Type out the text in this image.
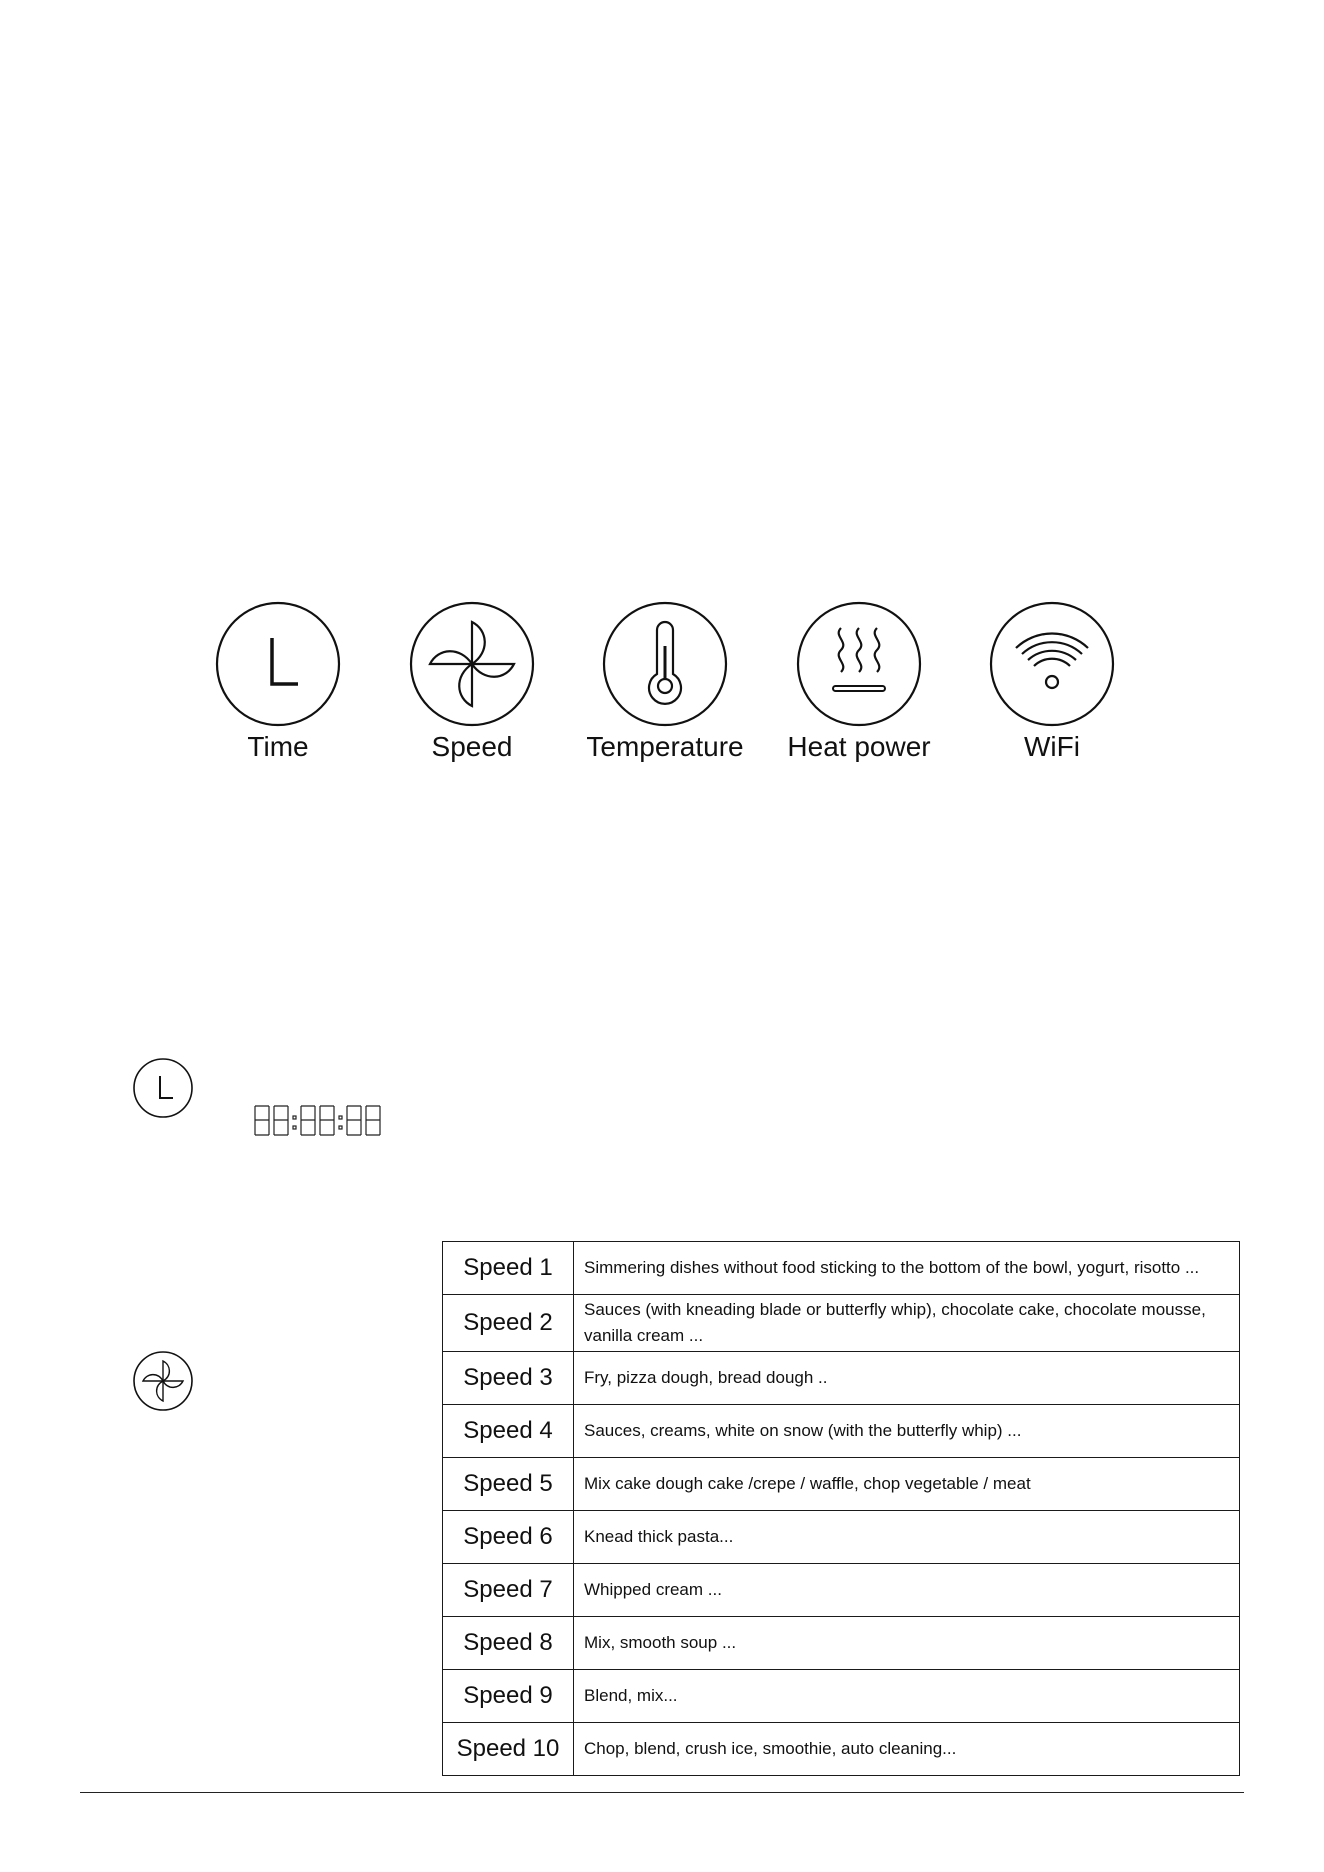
Time	Speed	Temperature	Heat power	WiFi
Speed 1	Simmering dishes without food sticking to the bottom of the bowl, yogurt, risotto ...
Speed 2	Sauces (with kneading blade or butterfly whip), chocolate cake, chocolate mousse, vanilla cream ...
Speed 3	Fry, pizza dough, bread dough ..
Speed 4	Sauces, creams, white on snow (with the butterfly whip) ...
Speed 5	Mix cake dough cake /crepe / waffle, chop vegetable / meat
Speed 6	Knead thick pasta...
Speed 7	Whipped cream ...
Speed 8	Mix, smooth soup ...
Speed 9	Blend, mix...
Speed 10	Chop, blend, crush ice, smoothie, auto cleaning...
